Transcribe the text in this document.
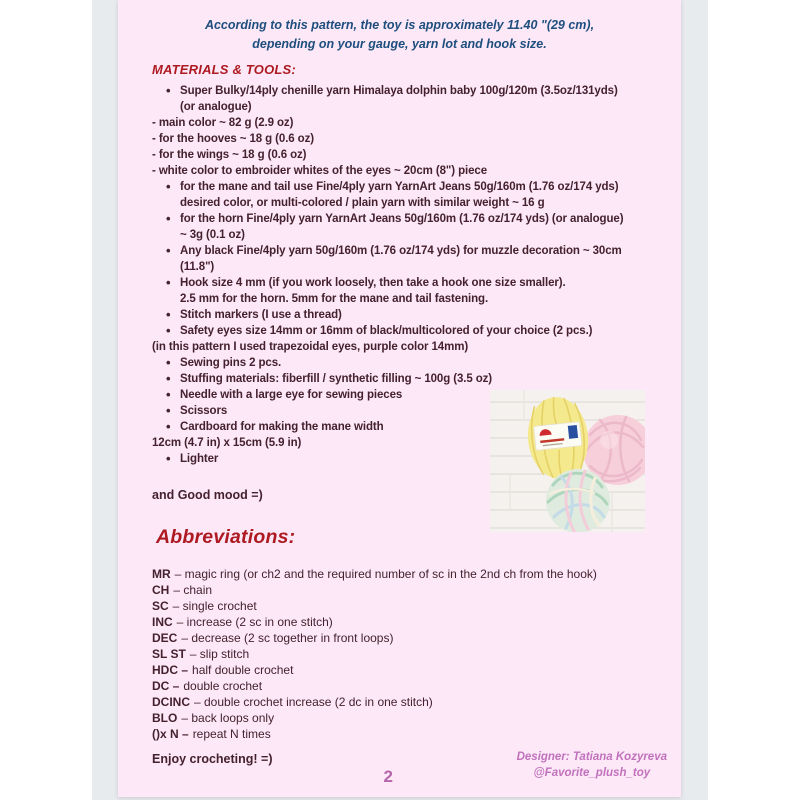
According to this pattern, the toy is approximately 11.40 "(29 cm),
depending on your gauge, yarn lot and hook size.
MATERIALS & TOOLS:
• Super Bulky/14ply chenille yarn Himalaya dolphin baby 100g/120m (3.5oz/131yds)
(or analogue)
- main color ~ 82 g (2.9 oz)
- for the hooves ~ 18 g (0.6 oz)
- for the wings ~ 18 g (0.6 oz)
- white color to embroider whites of the eyes ~ 20cm (8") piece
• for the mane and tail use Fine/4ply yarn YarnArt Jeans 50g/160m (1.76 oz/174 yds)
desired color, or multi-colored / plain yarn with similar weight ~ 16 g
• for the horn Fine/4ply yarn YarnArt Jeans 50g/160m (1.76 oz/174 yds) (or analogue)
~ 3g (0.1 oz)
• Any black Fine/4ply yarn 50g/160m (1.76 oz/174 yds) for muzzle decoration ~ 30cm
(11.8")
• Hook size 4 mm (if you work loosely, then take a hook one size smaller).
2.5 mm for the horn. 5mm for the mane and tail fastening.
• Stitch markers (I use a thread)
• Safety eyes size 14mm or 16mm of black/multicolored of your choice (2 pcs.)
(in this pattern I used trapezoidal eyes, purple color 14mm)
• Sewing pins 2 pcs.
• Stuffing materials: fiberfill / synthetic filling ~ 100g (3.5 oz)
• Needle with a large eye for sewing pieces
• Scissors
• Cardboard for making the mane width
12cm (4.7 in) x 15cm (5.9 in)
• Lighter
and Good mood =)
Abbreviations:
MR – magic ring (or ch2 and the required number of sc in the 2nd ch from the hook)
CH – chain
SC – single crochet
INC – increase (2 sc in one stitch)
DEC – decrease (2 sc together in front loops)
SL ST – slip stitch
HDC – half double crochet
DC – double crochet
DCINC – double crochet increase (2 dc in one stitch)
BLO – back loops only
()x N – repeat N times
Enjoy crocheting! =)	Designer: Tatiana Kozyreva
@Favorite_plush_toy
2
